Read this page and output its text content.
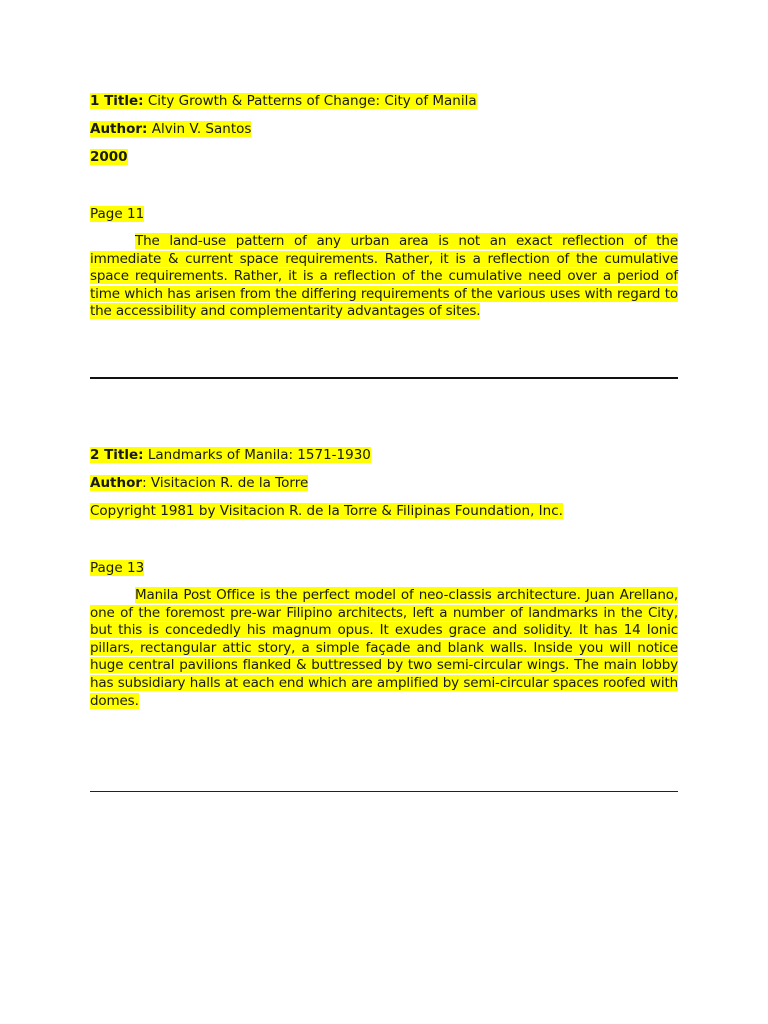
1 Title: City Growth & Patterns of Change: City of Manila
Author: Alvin V. Santos
2000
Page 11
The land-use pattern of any urban area is not an exact reflection of the immediate & current space requirements. Rather, it is a reflection of the cumulative space requirements. Rather, it is a reflection of the cumulative need over a period of time which has arisen from the differing requirements of the various uses with regard to the accessibility and complementarity advantages of sites.
2 Title: Landmarks of Manila: 1571-1930
Author: Visitacion R. de la Torre
Copyright 1981 by Visitacion R. de la Torre & Filipinas Foundation, Inc.
Page 13
Manila Post Office is the perfect model of neo-classis architecture. Juan Arellano, one of the foremost pre-war Filipino architects, left a number of landmarks in the City, but this is concededly his magnum opus. It exudes grace and solidity. It has 14 Ionic pillars, rectangular attic story, a simple façade and blank walls. Inside you will notice huge central pavilions flanked & buttressed by two semi-circular wings. The main lobby has subsidiary halls at each end which are amplified by semi-circular spaces roofed with domes.
